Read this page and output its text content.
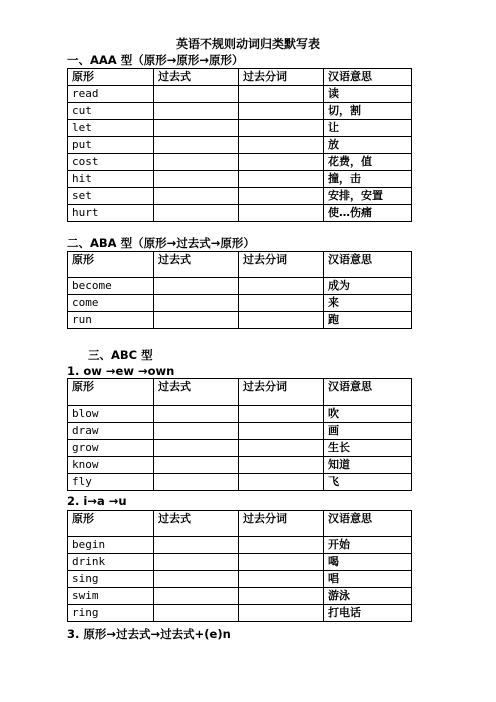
英语不规则动词归类默写表
一、AAA 型（原形→原形→原形）
原形	过去式	过去分词	汉语意思
read			读
cut			切，割
let			让
put			放
cost			花费，值
hit			撞，击
set			安排，安置
hurt			使…伤痛
二、ABA 型（原形→过去式→原形）
原形	过去式	过去分词	汉语意思
become			成为
come			来
run			跑
三、ABC 型
1. ow →ew →own
原形	过去式	过去分词	汉语意思
blow			吹
draw			画
grow			生长
know			知道
fly			飞
2. i→a →u
原形	过去式	过去分词	汉语意思
begin			开始
drink			喝
sing			唱
swim			游泳
ring			打电话
3. 原形→过去式→过去式+(e)n
